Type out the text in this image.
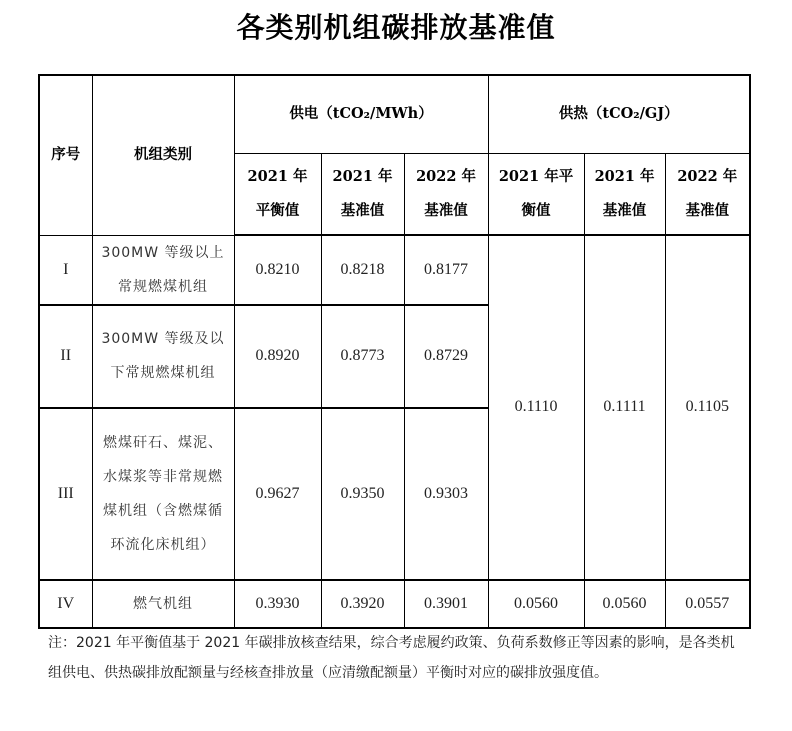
各类别机组碳排放基准值
序号	机组类别	供电（tCO₂/MWh）			供热（tCO₂/GJ）		
		2021 年平衡值	2021 年基准值	2022 年基准值	2021 年平衡值	2021 年基准值	2022 年基准值
I	300MW 等级以上常规燃煤机组	0.8210	0.8218	0.8177	0.1110	0.1111	0.1105
II	300MW 等级及以下常规燃煤机组	0.8920	0.8773	0.8729			
III	燃煤矸石、煤泥、水煤浆等非常规燃煤机组（含燃煤循环流化床机组）	0.9627	0.9350	0.9303			
IV	燃气机组	0.3930	0.3920	0.3901	0.0560	0.0560	0.0557
注：2021 年平衡值基于 2021 年碳排放核查结果，综合考虑履约政策、负荷系数修正等因素的影响，是各类机组供电、供热碳排放配额量与经核查排放量（应清缴配额量）平衡时对应的碳排放强度值。
